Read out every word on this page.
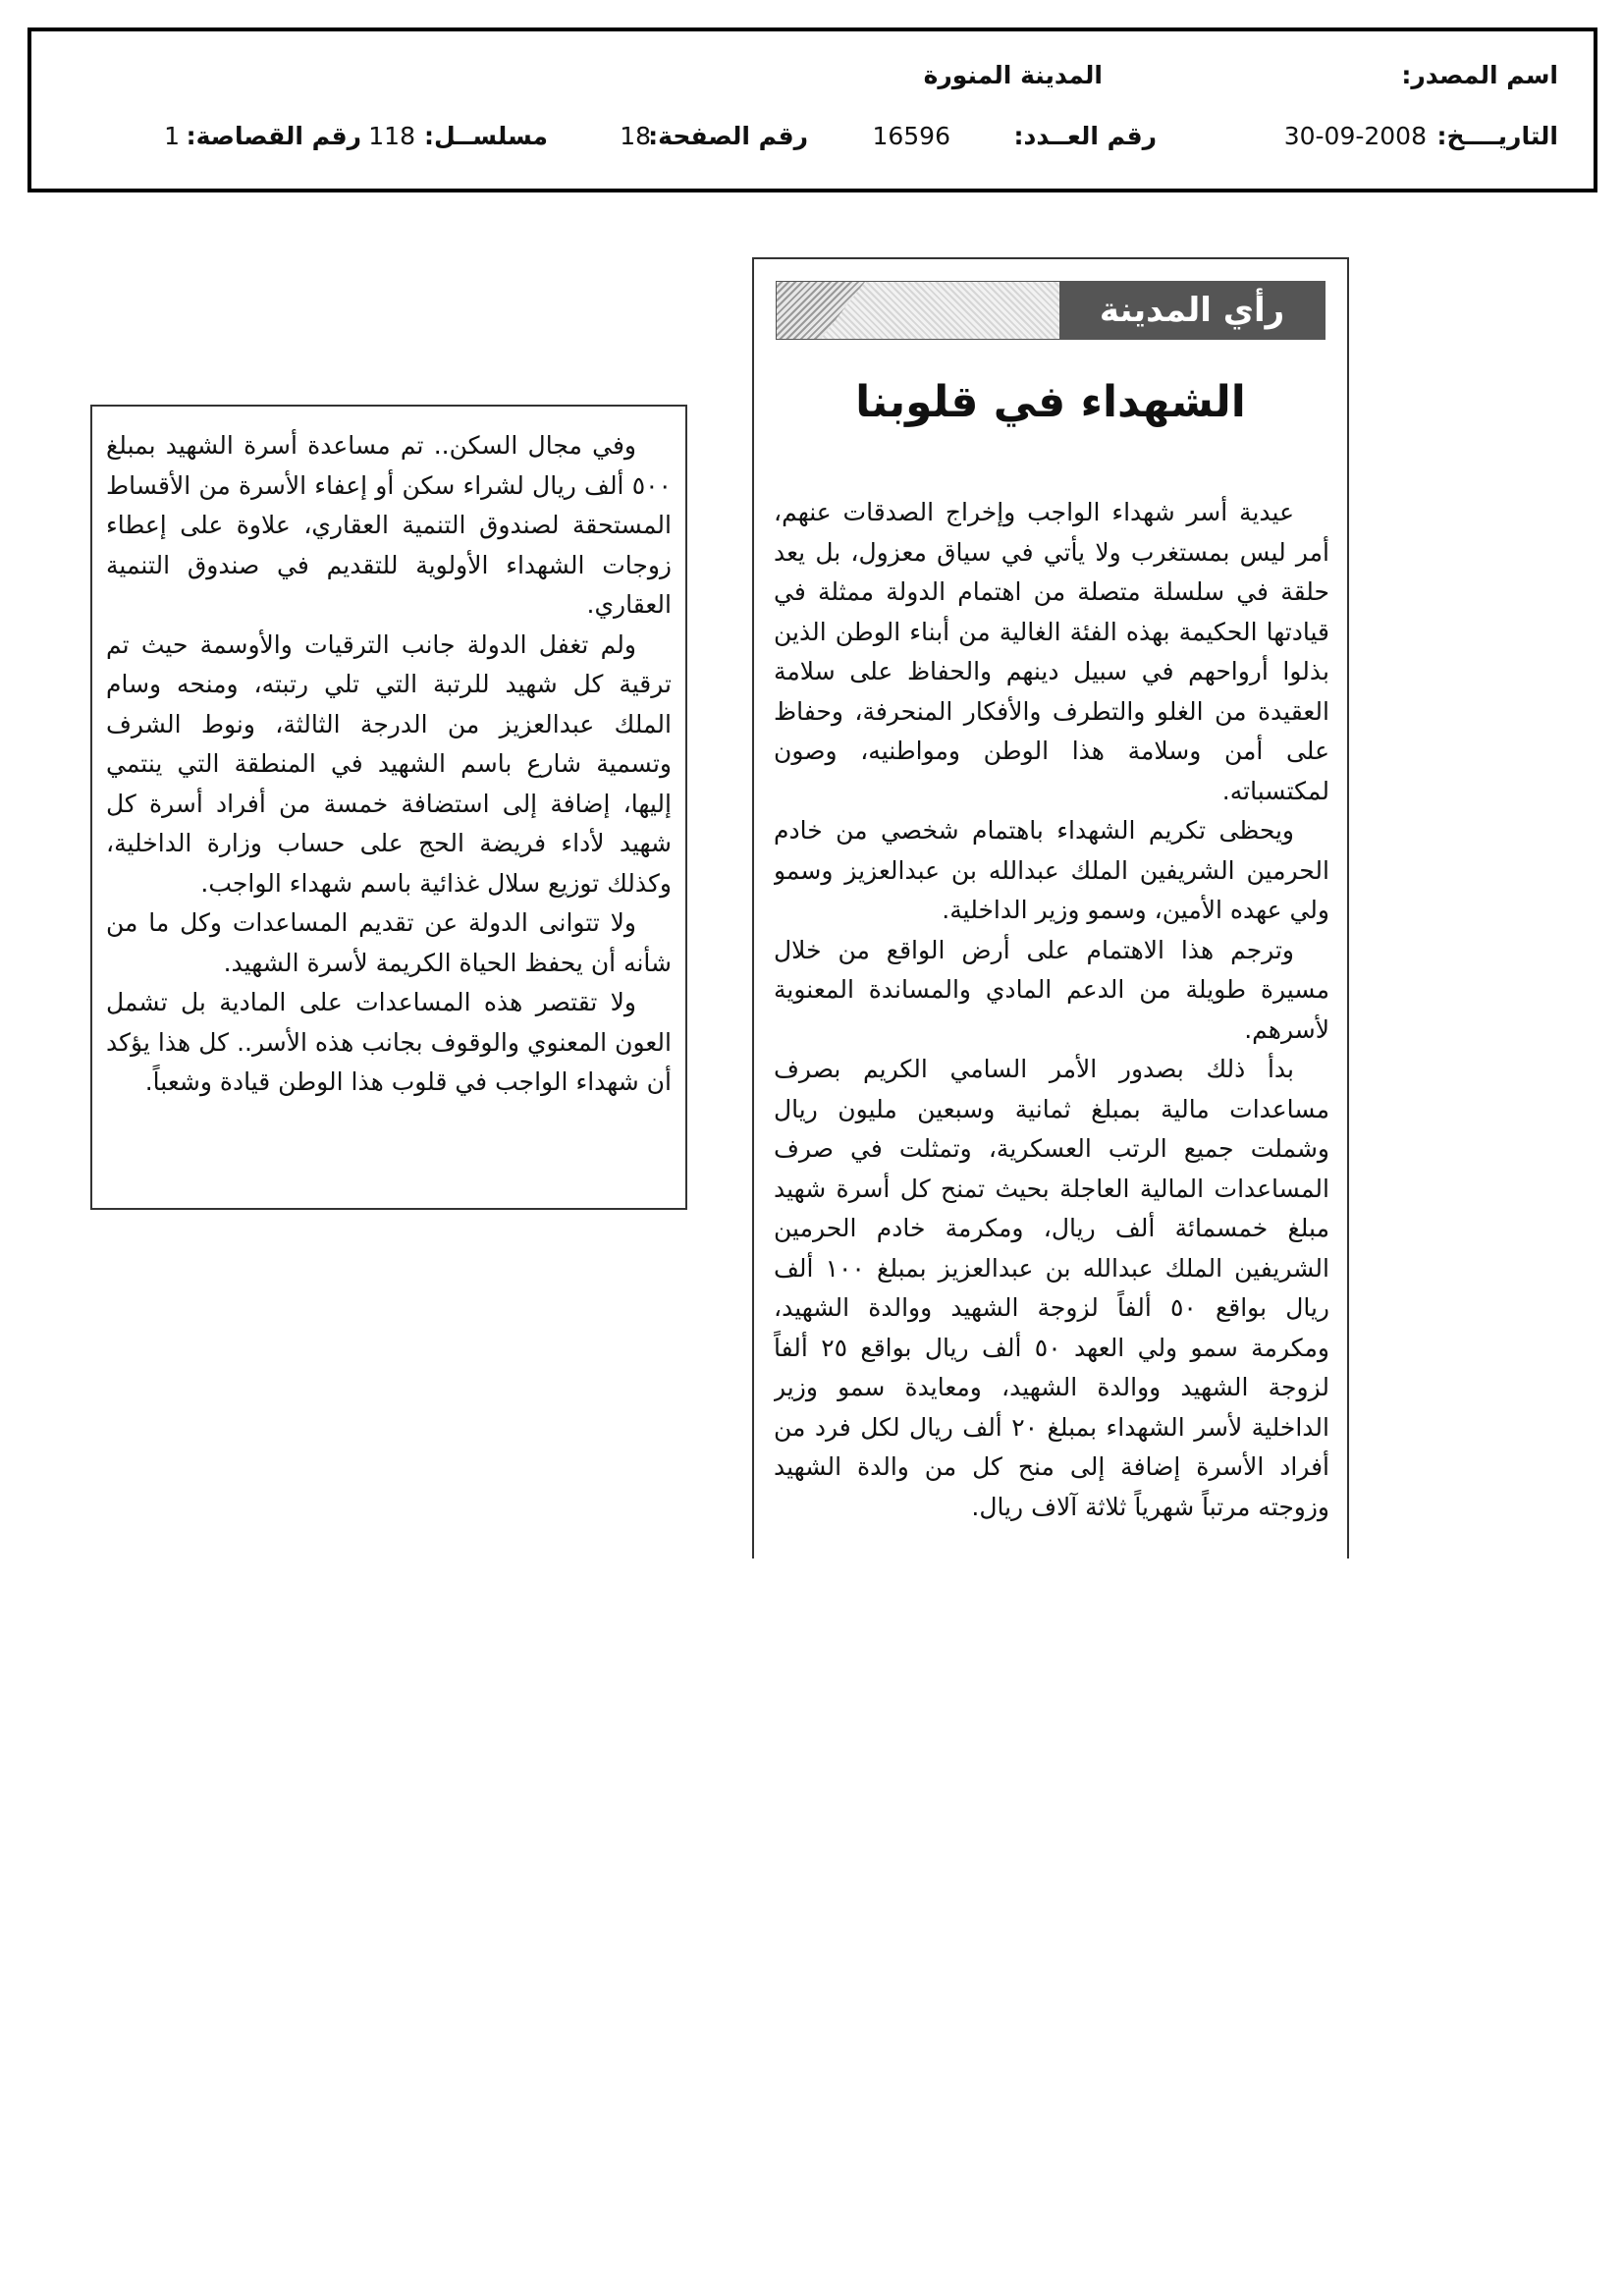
اسم المصدر:
المدينة المنورة
التاريــــخ:
30-09-2008
رقم العــدد:
16596
رقم الصفحة:
18
مسلســل:
118
رقم القصاصة:
1
رأي المدينة
الشهداء في قلوبنا

عيدية أسر شهداء الواجب وإخراج الصدقات عنهم، أمر ليس بمستغرب ولا يأتي في سياق معزول، بل يعد حلقة في سلسلة متصلة من اهتمام الدولة ممثلة في قيادتها الحكيمة بهذه الفئة الغالية من أبناء الوطن الذين بذلوا أرواحهم في سبيل دينهم والحفاظ على سلامة العقيدة من الغلو والتطرف والأفكار المنحرفة، وحفاظ على أمن وسلامة هذا الوطن ومواطنيه، وصون لمكتسباته.

ويحظى تكريم الشهداء باهتمام شخصي من خادم الحرمين الشريفين الملك عبدالله بن عبدالعزيز وسمو ولي عهده الأمين، وسمو وزير الداخلية.

وترجم هذا الاهتمام على أرض الواقع من خلال مسيرة طويلة من الدعم المادي والمساندة المعنوية لأسرهم.

بدأ ذلك بصدور الأمر السامي الكريم بصرف مساعدات مالية بمبلغ ثمانية وسبعين مليون ريال وشملت جميع الرتب العسكرية، وتمثلت في صرف المساعدات المالية العاجلة بحيث تمنح كل أسرة شهيد مبلغ خمسمائة ألف ريال، ومكرمة خادم الحرمين الشريفين الملك عبدالله بن عبدالعزيز بمبلغ ١٠٠ ألف ريال بواقع ٥٠ ألفاً لزوجة الشهيد ووالدة الشهيد، ومكرمة سمو ولي العهد ٥٠ ألف ريال بواقع ٢٥ ألفاً لزوجة الشهيد ووالدة الشهيد، ومعايدة سمو وزير الداخلية لأسر الشهداء بمبلغ ٢٠ ألف ريال لكل فرد من أفراد الأسرة إضافة إلى منح كل من والدة الشهيد وزوجته مرتباً شهرياً ثلاثة آلاف ريال.

وفي مجال السكن.. تم مساعدة أسرة الشهيد بمبلغ ٥٠٠ ألف ريال لشراء سكن أو إعفاء الأسرة من الأقساط المستحقة لصندوق التنمية العقاري، علاوة على إعطاء زوجات الشهداء الأولوية للتقديم في صندوق التنمية العقاري.

ولم تغفل الدولة جانب الترقيات والأوسمة حيث تم ترقية كل شهيد للرتبة التي تلي رتبته، ومنحه وسام الملك عبدالعزيز من الدرجة الثالثة، ونوط الشرف وتسمية شارع باسم الشهيد في المنطقة التي ينتمي إليها، إضافة إلى استضافة خمسة من أفراد أسرة كل شهيد لأداء فريضة الحج على حساب وزارة الداخلية، وكذلك توزيع سلال غذائية باسم شهداء الواجب.

ولا تتوانى الدولة عن تقديم المساعدات وكل ما من شأنه أن يحفظ الحياة الكريمة لأسرة الشهيد.

ولا تقتصر هذه المساعدات على المادية بل تشمل العون المعنوي والوقوف بجانب هذه الأسر.. كل هذا يؤكد أن شهداء الواجب في قلوب هذا الوطن قيادة وشعباً.
